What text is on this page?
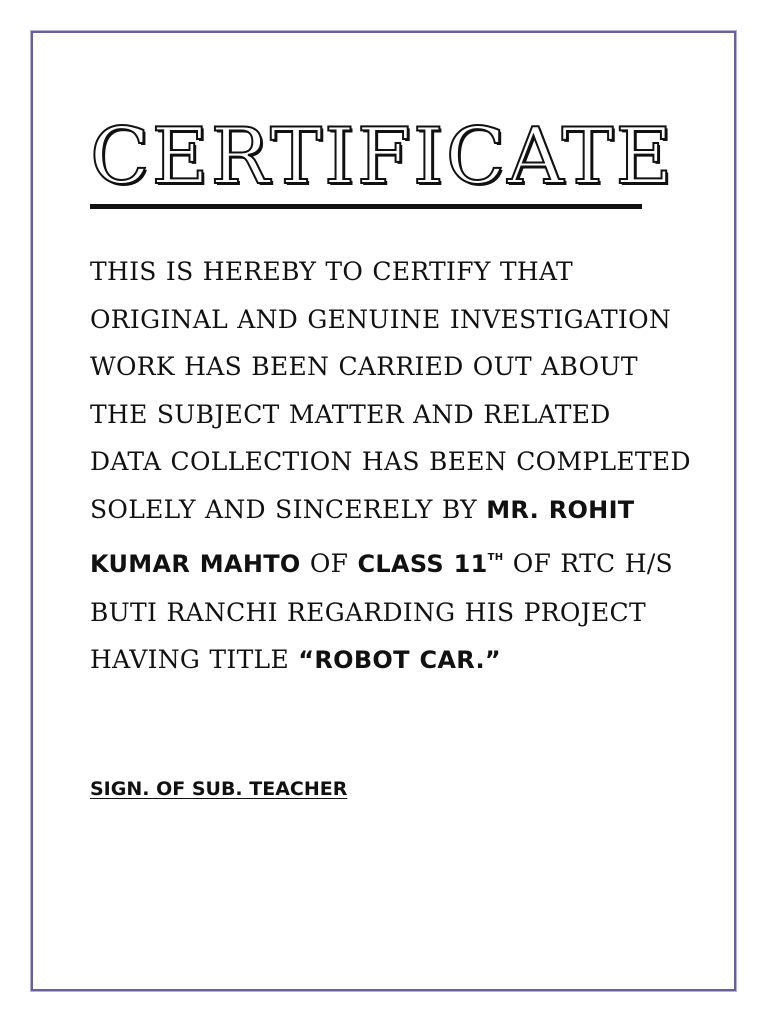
CERTIFICATE
THIS IS HEREBY TO CERTIFY THAT
ORIGINAL AND GENUINE INVESTIGATION
WORK HAS BEEN CARRIED OUT ABOUT
THE SUBJECT MATTER AND RELATED
DATA COLLECTION HAS BEEN COMPLETED
SOLELY AND SINCERELY BY MR. ROHIT
KUMAR MAHTO OF CLASS 11TH OF RTC H/S
BUTI RANCHI REGARDING HIS PROJECT
HAVING TITLE “ROBOT CAR.”

SIGN. OF SUB. TEACHER
